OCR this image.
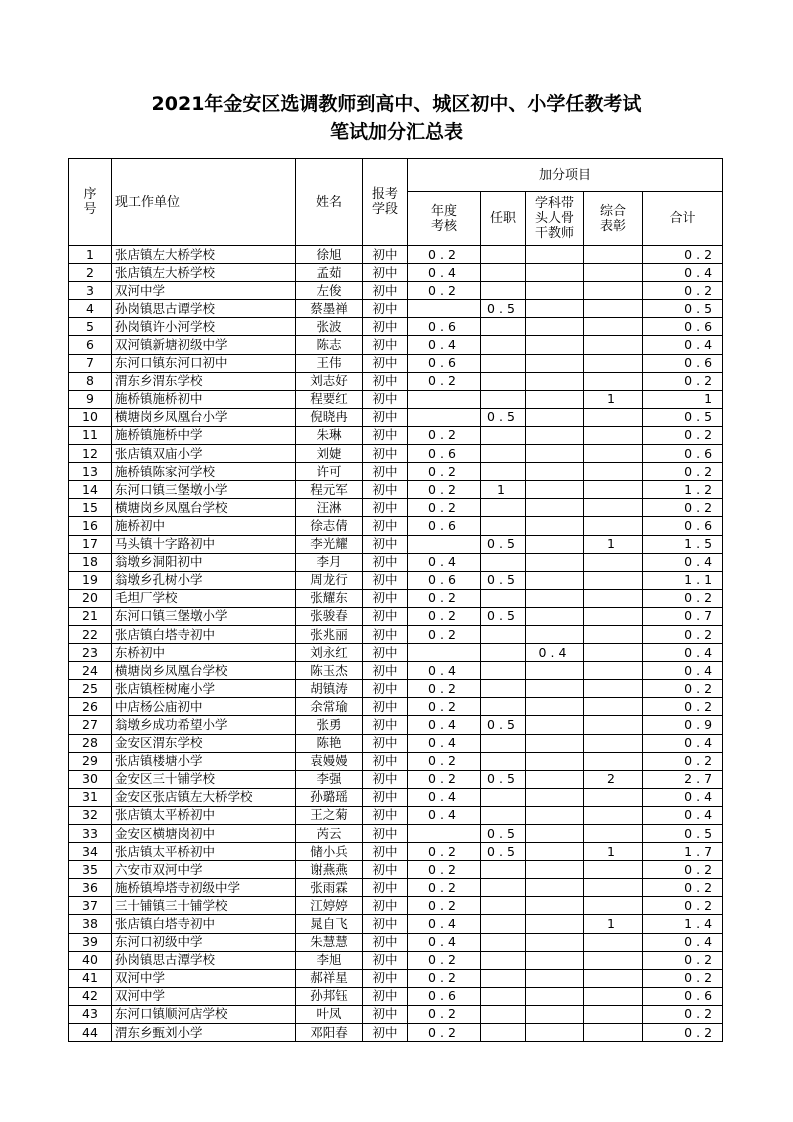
2021年金安区选调教师到高中、城区初中、小学任教考试
笔试加分汇总表
序号	现工作单位	姓名	报考学段	加分项目				

				年度考核	任职	学科带头人骨干教师	综合表彰	合计
1	张店镇左大桥学校	徐旭	初中	0.2				0.2
2	张店镇左大桥学校	孟茹	初中	0.4				0.4
3	双河中学	左俊	初中	0.2				0.2
4	孙岗镇思古谭学校	蔡墨禅	初中		0.5			0.5
5	孙岗镇许小河学校	张波	初中	0.6				0.6
6	双河镇新塘初级中学	陈志	初中	0.4				0.4
7	东河口镇东河口初中	王伟	初中	0.6				0.6
8	渭东乡渭东学校	刘志好	初中	0.2				0.2
9	施桥镇施桥初中	程要红	初中				1	1
10	横塘岗乡凤凰台小学	倪晓冉	初中		0.5			0.5
11	施桥镇施桥中学	朱琳	初中	0.2				0.2
12	张店镇双庙小学	刘婕	初中	0.6				0.6
13	施桥镇陈家河学校	许可	初中	0.2				0.2
14	东河口镇三堡墩小学	程元军	初中	0.2	1			1.2
15	横塘岗乡凤凰台学校	汪淋	初中	0.2				0.2
16	施桥初中	徐志倩	初中	0.6				0.6
17	马头镇十字路初中	李光耀	初中		0.5		1	1.5
18	翁墩乡洞阳初中	李月	初中	0.4				0.4
19	翁墩乡孔树小学	周龙行	初中	0.6	0.5			1.1
20	毛坦厂学校	张耀东	初中	0.2				0.2
21	东河口镇三堡墩小学	张骏春	初中	0.2	0.5			0.7
22	张店镇白塔寺初中	张兆丽	初中	0.2				0.2
23	东桥初中	刘永红	初中			0.4		0.4
24	横塘岗乡凤凰台学校	陈玉杰	初中	0.4				0.4
25	张店镇桎树庵小学	胡镇涛	初中	0.2				0.2
26	中店杨公庙初中	余常瑜	初中	0.2				0.2
27	翁墩乡成功希望小学	张勇	初中	0.4	0.5			0.9
28	金安区渭东学校	陈艳	初中	0.4				0.4
29	张店镇楼塘小学	袁嫚嫚	初中	0.2				0.2
30	金安区三十铺学校	李强	初中	0.2	0.5		2	2.7
31	金安区张店镇左大桥学校	孙璐瑶	初中	0.4				0.4
32	张店镇太平桥初中	王之菊	初中	0.4				0.4
33	金安区横塘岗初中	芮云	初中		0.5			0.5
34	张店镇太平桥初中	储小兵	初中	0.2	0.5		1	1.7
35	六安市双河中学	谢燕燕	初中	0.2				0.2
36	施桥镇埠塔寺初级中学	张雨霖	初中	0.2				0.2
37	三十铺镇三十铺学校	江婷婷	初中	0.2				0.2
38	张店镇白塔寺初中	晁自飞	初中	0.4			1	1.4
39	东河口初级中学	朱慧慧	初中	0.4				0.4
40	孙岗镇思古潭学校	李旭	初中	0.2				0.2
41	双河中学	郝祥星	初中	0.2				0.2
42	双河中学	孙邦钰	初中	0.6				0.6
43	东河口镇顺河店学校	叶凤	初中	0.2				0.2
44	渭东乡甄刘小学	邓阳春	初中	0.2				0.2
